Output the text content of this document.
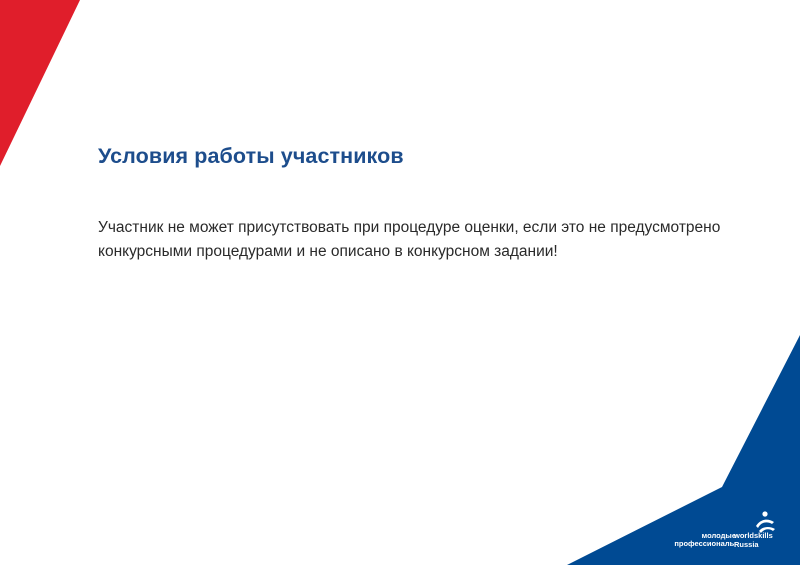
Условия работы участников

Участник не может присутствовать при процедуре оценки, если это не предусмотрено конкурсными процедурами и не описано в конкурсном задании!

молодые
профессионалы
worldskills
Russia
